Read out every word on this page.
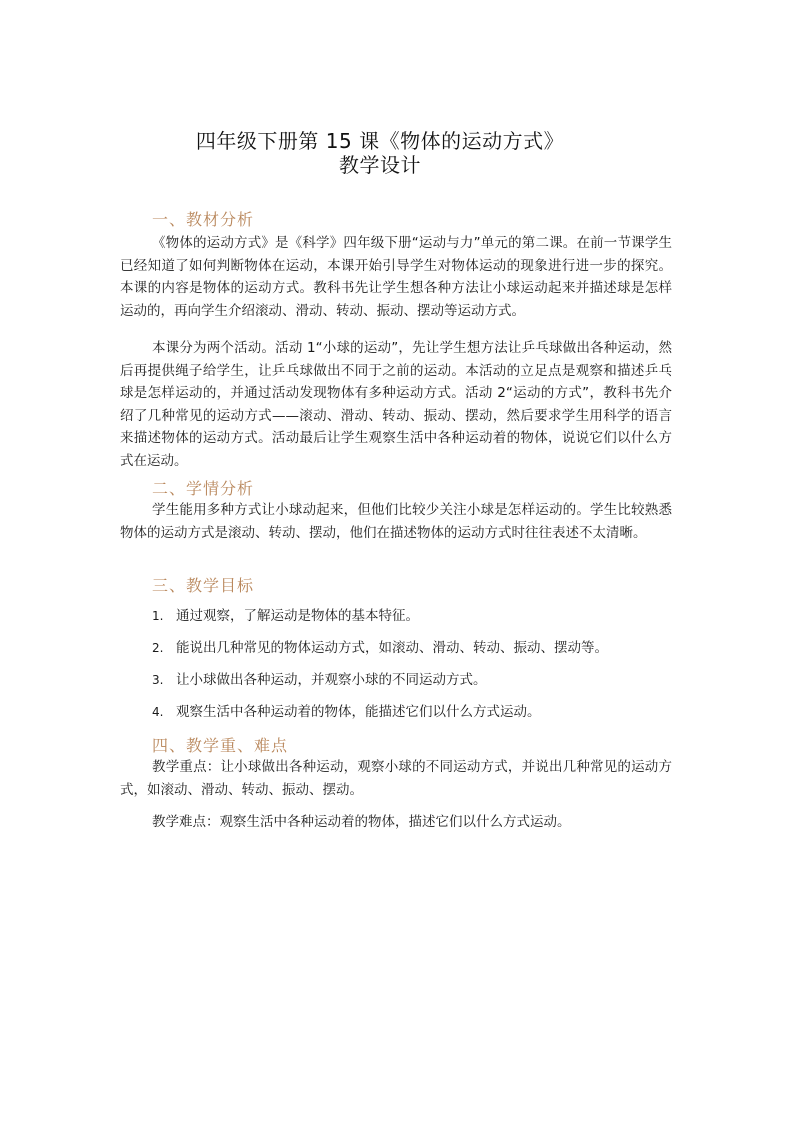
四年级下册第 15 课《物体的运动方式》
教学设计
一、教材分析
《物体的运动方式》是《科学》四年级下册“运动与力”单元的第二课。在前一节课学生已经知道了如何判断物体在运动，本课开始引导学生对物体运动的现象进行进一步的探究。本课的内容是物体的运动方式。教科书先让学生想各种方法让小球运动起来并描述球是怎样运动的，再向学生介绍滚动、滑动、转动、振动、摆动等运动方式。
本课分为两个活动。活动 1“小球的运动”，先让学生想方法让乒乓球做出各种运动，然后再提供绳子给学生，让乒乓球做出不同于之前的运动。本活动的立足点是观察和描述乒乓球是怎样运动的，并通过活动发现物体有多种运动方式。活动 2“运动的方式”，教科书先介绍了几种常见的运动方式——滚动、滑动、转动、振动、摆动，然后要求学生用科学的语言来描述物体的运动方式。活动最后让学生观察生活中各种运动着的物体，说说它们以什么方式在运动。
二、学情分析
学生能用多种方式让小球动起来，但他们比较少关注小球是怎样运动的。学生比较熟悉物体的运动方式是滚动、转动、摆动，他们在描述物体的运动方式时往往表述不太清晰。
三、教学目标
1. 通过观察，了解运动是物体的基本特征。
2. 能说出几种常见的物体运动方式，如滚动、滑动、转动、振动、摆动等。
3. 让小球做出各种运动，并观察小球的不同运动方式。
4. 观察生活中各种运动着的物体，能描述它们以什么方式运动。
四、教学重、难点
教学重点：让小球做出各种运动，观察小球的不同运动方式，并说出几种常见的运动方式，如滚动、滑动、转动、振动、摆动。
教学难点：观察生活中各种运动着的物体，描述它们以什么方式运动。
